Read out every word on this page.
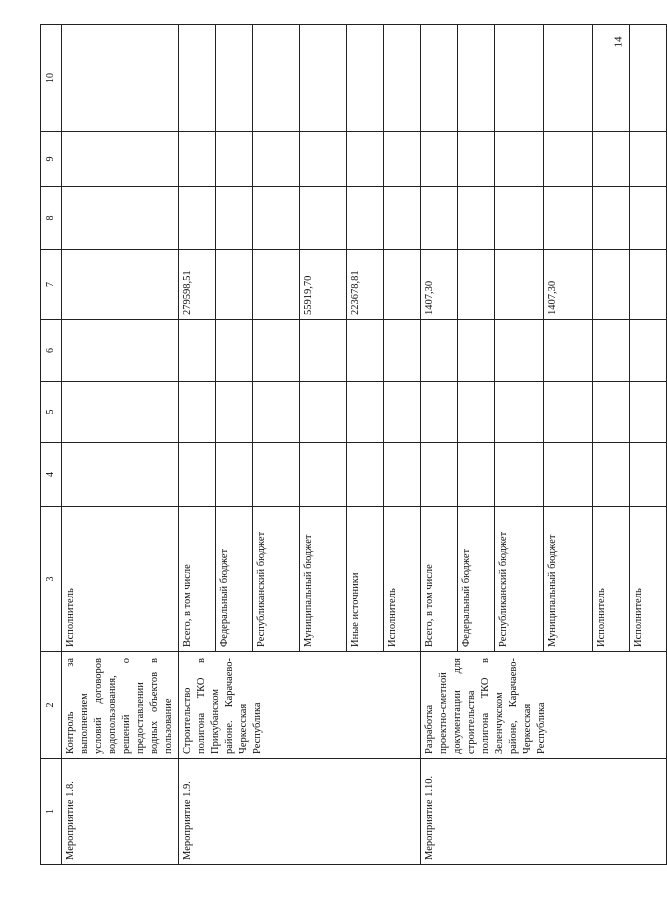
14
1	2	3	4	5	6	7	8	9	10
Мероприятие 1.8.	Контроль за выполнением условий договоров водопользования, решений о предоставлении водных объектов в пользование	Исполнитель							
Мероприятие 1.9.	Строительство полигона ТКО в Прикубанском районе. Карачаево-Черкесская Республика	Всего, в том числе				279598,51			
		Федеральный бюджет							
		Республиканский бюджет							
		Муниципальный бюджет				55919,70			
		Иные источники				223678,81			
		Исполнитель							
Мероприятие 1.10.	Разработка проектно-сметной документации для строительства полигона ТКО в Зеленчукском районе, Карачаево-Черкесская Республика	Всего, в том числе				1407,30			
		Федеральный бюджет							
		Республиканский бюджет							
		Муниципальный бюджет				1407,30			
		Исполнитель							
		Исполнитель							
